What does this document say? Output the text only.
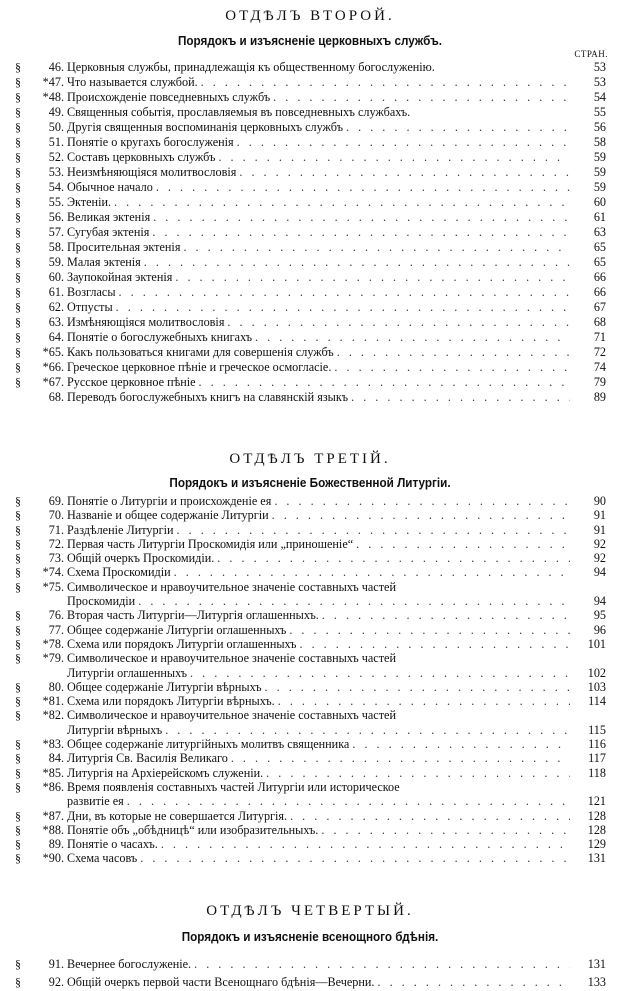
СТРАН.
ОТДѢЛЪ ВТОРОЙ.
Порядокъ и изъясненіе церковныхъ службъ.
§	46. Церковныя службы, принадлежащія къ общественному богослуженію.	53
§	*47. Что называется службой. . . .	53
§	*48. Происхожденіе повседневныхъ службъ . . .	54
§	49. Священныя событія, прославляемыя въ повседневныхъ службахъ.	55
§	50. Другія священныя воспоминанія церковныхъ службъ . . .	56
§	51. Понятіе о кругахъ богослуженія . . .	58
§	52. Составъ церковныхъ службъ . . .	59
§	53. Неизмѣняющіяся молитвословія . . .	59
§	54. Обычное начало . . .	59
§	55. Эктеніи. . . .	60
§	56. Великая эктенія . . .	61
§	57. Сугубая эктенія . . .	63
§	58. Просительная эктенія . . .	65
§	59. Малая эктенія . . .	65
§	60. Заупокойная эктенія . . .	66
§	61. Возгласы . . .	66
§	62. Отпусты . . .	67
§	63. Измѣняющіяся молитвословія . . .	68
§	64. Понятіе о богослужебныхъ книгахъ . . .	71
§	*65. Какъ пользоваться книгами для совершенія службъ . . .	72
§	*66. Греческое церковное пѣніе и греческое осмогласіе. . . .	74
§	*67. Русское церковное пѣніе . . .	79
68. Переводъ богослужебныхъ книгъ на славянскій языкъ . . .	89
ОТДѢЛЪ ТРЕТІЙ.
Порядокъ и изъясненіе Божественной Литургіи.
§	69. Понятіе о Литургіи и происхожденіе ея . . .	90
§	70. Названіе и общее содержаніе Литургіи . . .	91
§	71. Раздѣленіе Литургіи . . .	91
§	72. Первая часть Литургіи Проскомидія или „приношеніе“ . . .	92
§	73. Общій очеркъ Проскомидіи. . . .	92
§	*74. Схема Проскомидіи . . .	94
§	*75. Символическое и нравоучительное значеніе составныхъ частей
Проскомидіи . . .	94
§	76. Вторая часть Литургіи—Литургія оглашенныхъ. . . .	95
§	77. Общее содержаніе Литургіи оглашенныхъ . . .	96
§	*78. Схема или порядокъ Литургіи оглашенныхъ . . .	101
§	*79. Символическое и нравоучительное значеніе составныхъ частей
Литургіи оглашенныхъ . . .	102
§	80. Общее содержаніе Литургіи вѣрныхъ . . .	103
§	*81. Схема или порядокъ Литургіи вѣрныхъ. . . .	114
§	*82. Символическое и нравоучительное значеніе составныхъ частей
Литургіи вѣрныхъ . . .	115
§	*83. Общее содержаніе литургійныхъ молитвъ священника . . .	116
§	84. Литургія Св. Василія Великаго . . .	117
§	*85. Литургія на Архіерейскомъ служеніи. . . .	118
§	*86. Время появленія составныхъ частей Литургіи или историческое
развитіе ея . . .	121
§	*87. Дни, въ которые не совершается Литургія. . . .	128
§	*88. Понятіе объ „обѣдницѣ“ или изобразительныхъ. . . .	128
§	89. Понятіе о часахъ. . . .	129
§	*90. Схема часовъ . . .	131
ОТДѢЛЪ ЧЕТВЕРТЫЙ.
Порядокъ и изъясненіе всенощного бдѣнія.
§	91. Вечернее богослуженіе. . . .	131
§	92. Общій очеркъ первой части Всенощнаго бдѣнія—Вечерни. . . .	133
